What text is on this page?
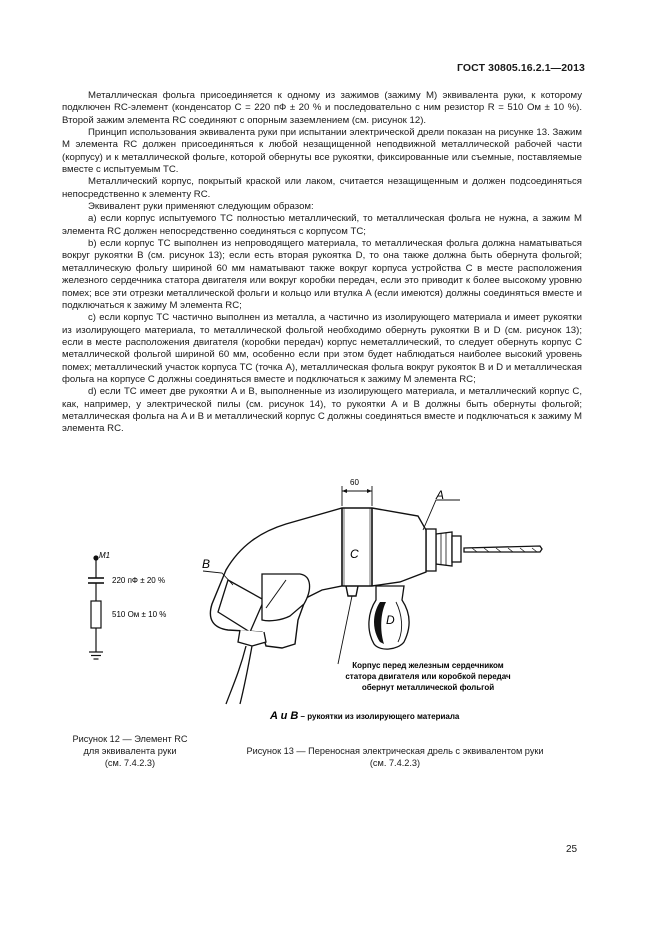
ГОСТ 30805.16.2.1—2013

Металлическая фольга присоединяется к одному из зажимов (зажиму M) эквивалента руки, к которому подключен RC-элемент (конденсатор C = 220 пФ ± 20 % и последовательно с ним резистор R = 510 Ом ± 10 %). Второй зажим элемента RC соединяют с опорным заземлением (см. рисунок 12).

Принцип использования эквивалента руки при испытании электрической дрели показан на рисунке 13. Зажим M элемента RC должен присоединяться к любой незащищенной неподвижной металлической рабочей части (корпусу) и к металлической фольге, которой обернуты все рукоятки, фиксированные или съемные, поставляемые вместе с испытуемым ТС.

Металлический корпус, покрытый краской или лаком, считается незащищенным и должен подсоединяться непосредственно к элементу RC.

Эквивалент руки применяют следующим образом:

a) если корпус испытуемого ТС полностью металлический, то металлическая фольга не нужна, а зажим M элемента RC должен непосредственно соединяться с корпусом ТС;

b) если корпус ТС выполнен из непроводящего материала, то металлическая фольга должна наматываться вокруг рукоятки B (см. рисунок 13); если есть вторая рукоятка D, то она также должна быть обернута фольгой; металлическую фольгу шириной 60 мм наматывают также вокруг корпуса устройства C в месте расположения железного сердечника статора двигателя или вокруг коробки передач, если это приводит к более высокому уровню помех; все эти отрезки металлической фольги и кольцо или втулка A (если имеются) должны соединяться вместе и подключаться к зажиму M элемента RC;

c) если корпус ТС частично выполнен из металла, а частично из изолирующего материала и имеет рукоятки из изолирующего материала, то металлической фольгой необходимо обернуть рукоятки B и D (см. рисунок 13); если в месте расположения двигателя (коробки передач) корпус неметаллический, то следует обернуть корпус C металлической фольгой шириной 60 мм, особенно если при этом будет наблюдаться наиболее высокий уровень помех; металлический участок корпуса ТС (точка A), металлическая фольга вокруг рукояток B и D и металлическая фольга на корпусе C должны соединяться вместе и подключаться к зажиму M элемента RC;

d) если ТС имеет две рукоятки A и B, выполненные из изолирующего материала, и металлический корпус C, как, например, у электрической пилы (см. рисунок 14), то рукоятки A и B должны быть обернуты фольгой; металлическая фольга на A и B и металлический корпус C должны соединяться вместе и подключаться к зажиму M элемента RC.

M1
220 пФ ± 20 %
510 Ом ± 10 %
60
A
B
C
D
Корпус перед железным сердечником
статора двигателя или коробкой передач
обернут металлической фольгой
A и B – рукоятки из изолирующего материала
Рисунок 12 — Элемент RC
для эквивалента руки
(см. 7.4.2.3)
Рисунок 13 — Переносная электрическая дрель с эквивалентом руки
(см. 7.4.2.3)
25
